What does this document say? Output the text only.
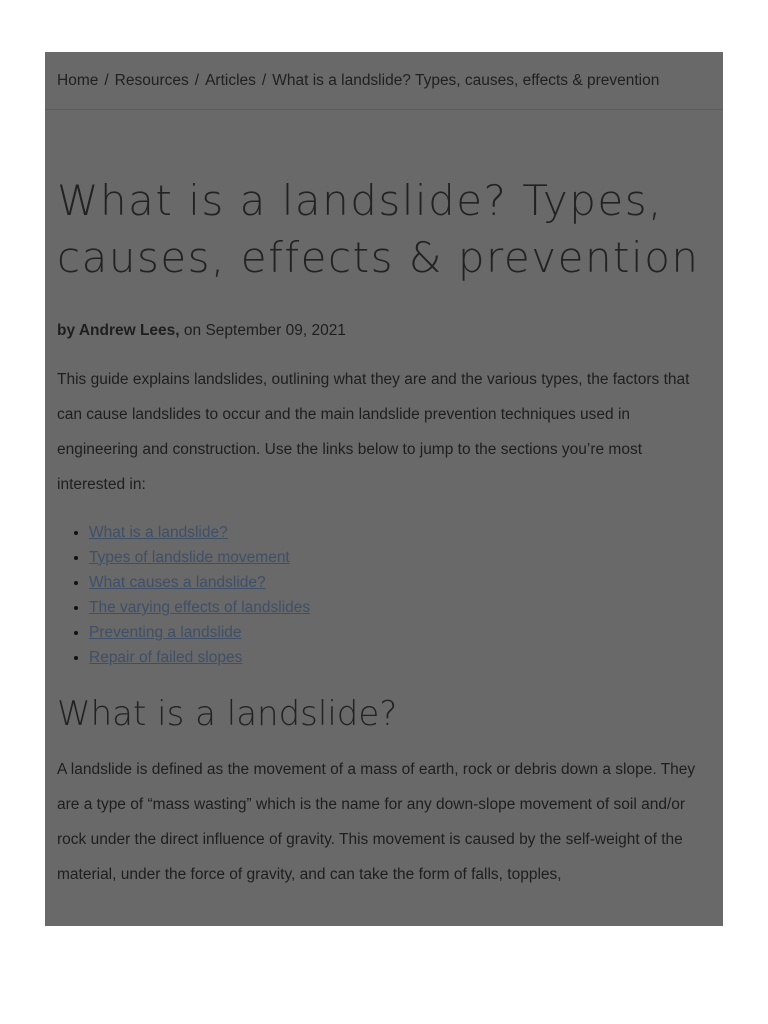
Home / Resources / Articles / What is a landslide? Types, causes, effects & prevention
What is a landslide? Types, causes, effects & prevention
by Andrew Lees, on September 09, 2021

This guide explains landslides, outlining what they are and the various types, the factors that can cause landslides to occur and the main landslide prevention techniques used in engineering and construction. Use the links below to jump to the sections you’re most interested in:

• What is a landslide?
• Types of landslide movement
• What causes a landslide?
• The varying effects of landslides
• Preventing a landslide
• Repair of failed slopes
What is a landslide?

A landslide is defined as the movement of a mass of earth, rock or debris down a slope. They are a type of “mass wasting” which is the name for any down-slope movement of soil and/or rock under the direct influence of gravity. This movement is caused by the self-weight of the material, under the force of gravity, and can take the form of falls, topples,
